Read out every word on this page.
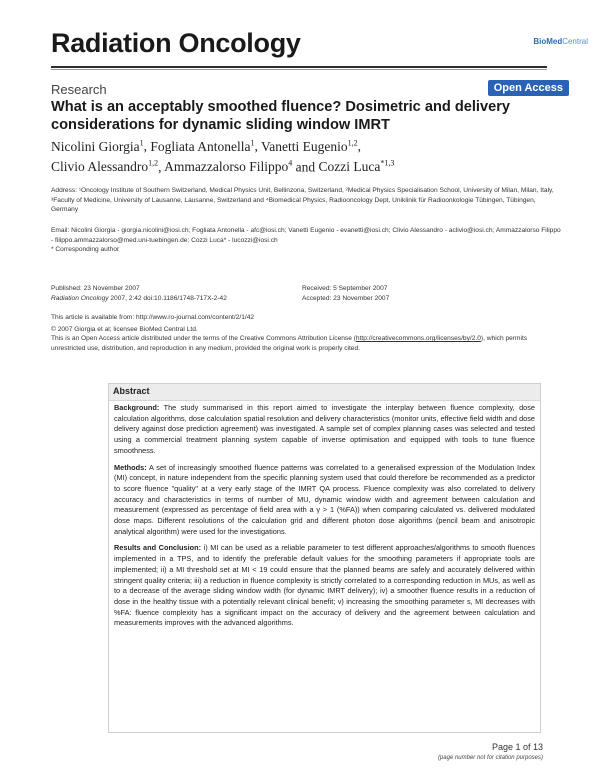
Radiation Oncology	BioMedCentral
Research	Open Access
What is an acceptably smoothed fluence? Dosimetric and delivery considerations for dynamic sliding window IMRT
Nicolini Giorgia$^1$, Fogliata Antonella$^1$, Vanetti Eugenio$^{1,2}$,
Clivio Alessandro$^{1,2}$, Ammazzalorso Filippo$^4$ and Cozzi Luca$^{*1,3}$
Address: ¹Oncology Institute of Southern Switzerland, Medical Physics Unit, Bellinzona, Switzerland, ²Medical Physics Specialisation School, University of Milan, Milan, Italy, ³Faculty of Medicine, University of Lausanne, Lausanne, Switzerland and ⁴Biomedical Physics, Radiooncology Dept, Uniklinik für Radioonkologie Tübingen, Tübingen, Germany
Email: Nicolini Giorgia - giorgia.nicolini@iosi.ch; Fogliata Antonella - afc@iosi.ch; Vanetti Eugenio - evanetti@iosi.ch; Clivio Alessandro - aclivio@iosi.ch; Ammazzalorso Filippo - filippo.ammazzalorso@med.uni-tuebingen.de; Cozzi Luca* - lucozzi@iosi.ch
* Corresponding author
Published: 23 November 2007
Radiation Oncology 2007, 2:42 doi:10.1186/1748-717X-2-42
Received: 5 September 2007
Accepted: 23 November 2007
This article is available from: http://www.ro-journal.com/content/2/1/42
© 2007 Giorgia et al; licensee BioMed Central Ltd.
This is an Open Access article distributed under the terms of the Creative Commons Attribution License (http://creativecommons.org/licenses/by/2.0), which permits unrestricted use, distribution, and reproduction in any medium, provided the original work is properly cited.
Abstract

Background: The study summarised in this report aimed to investigate the interplay between fluence complexity, dose calculation algorithms, dose calculation spatial resolution and delivery characteristics (monitor units, effective field width and dose delivery against dose prediction agreement) was investigated. A sample set of complex planning cases was selected and tested using a commercial treatment planning system capable of inverse optimisation and equipped with tools to tune fluence smoothness.

Methods: A set of increasingly smoothed fluence patterns was correlated to a generalised expression of the Modulation Index (MI) concept, in nature independent from the specific planning system used that could therefore be recommended as a predictor to score fluence "quality" at a very early stage of the IMRT QA process. Fluence complexity was also correlated to delivery accuracy and characteristics in terms of number of MU, dynamic window width and agreement between calculation and measurement (expressed as percentage of field area with a γ > 1 (%FA)) when comparing calculated vs. delivered modulated dose maps. Different resolutions of the calculation grid and different photon dose algorithms (pencil beam and anisotropic analytical algorithm) were used for the investigations.

Results and Conclusion: i) MI can be used as a reliable parameter to test different approaches/algorithms to smooth fluences implemented in a TPS, and to identify the preferable default values for the smoothing parameters if appropriate tools are implemented; ii) a MI threshold set at MI < 19 could ensure that the planned beams are safely and accurately delivered within stringent quality criteria; iii) a reduction in fluence complexity is strictly correlated to a corresponding reduction in MUs, as well as to a decrease of the average sliding window width (for dynamic IMRT delivery); iv) a smoother fluence results in a reduction of dose in the healthy tissue with a potentially relevant clinical benefit; v) increasing the smoothing parameter s, MI decreases with %FA: fluence complexity has a significant impact on the accuracy of delivery and the agreement between calculation and measurements improves with the advanced algorithms.

Page 1 of 13
(page number not for citation purposes)
